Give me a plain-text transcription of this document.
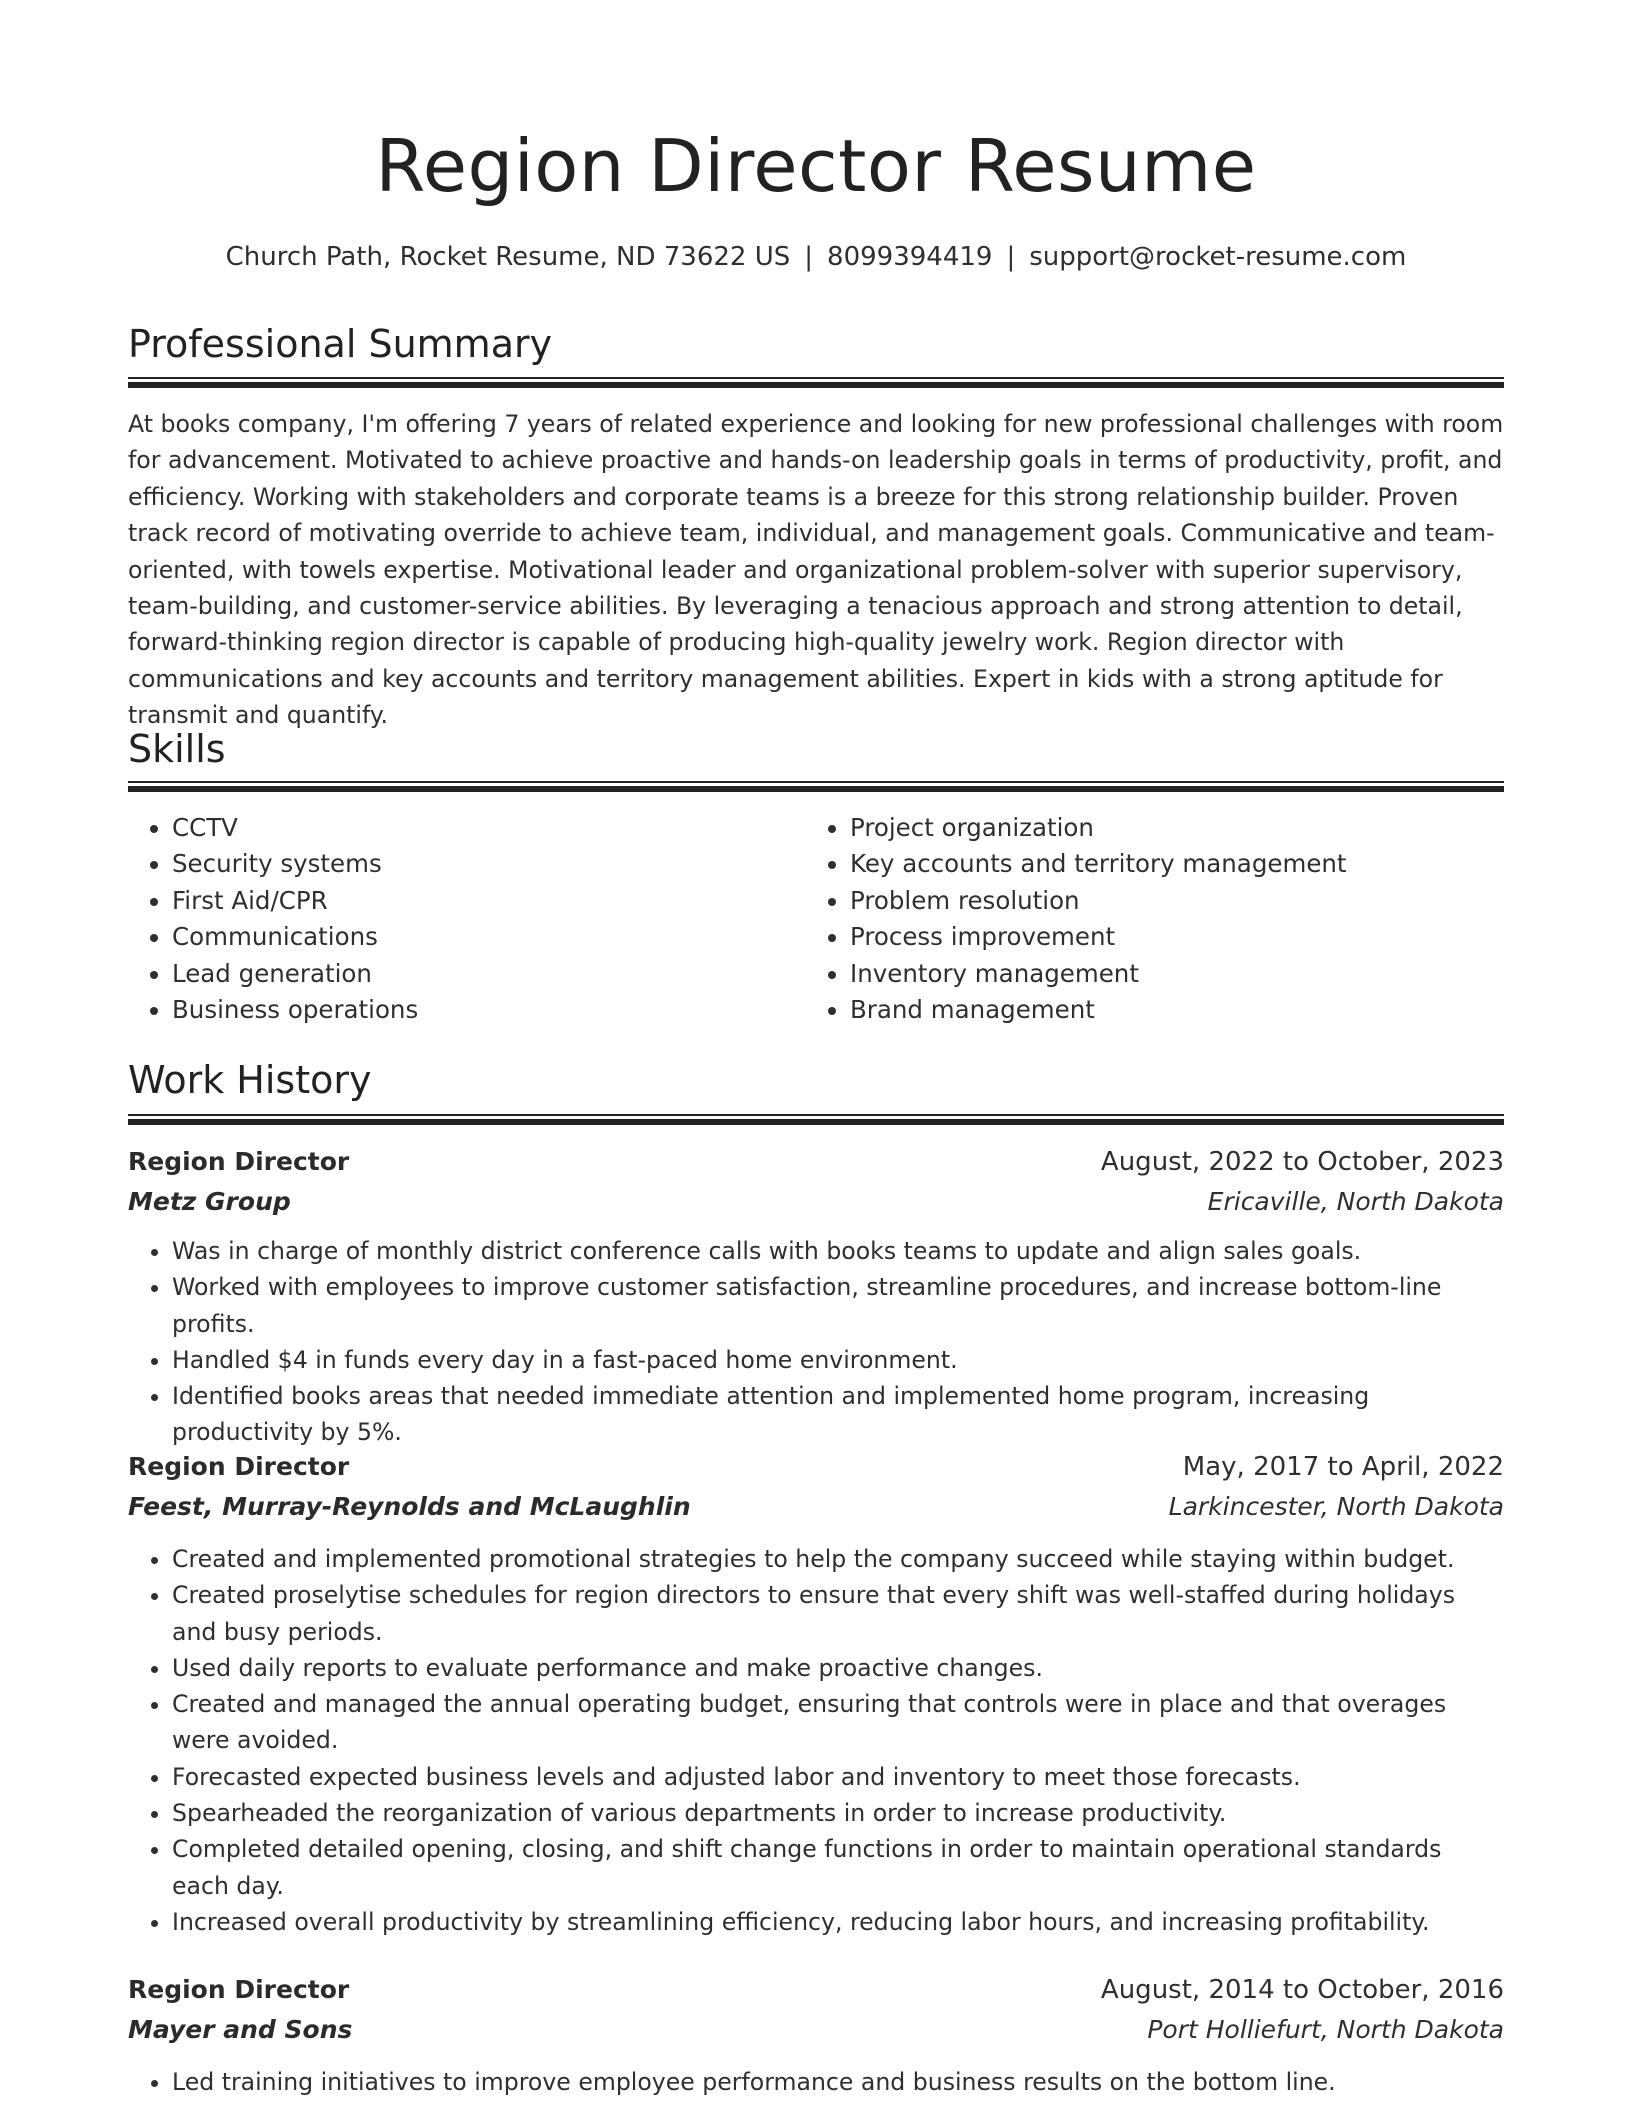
Region Director Resume
Church Path, Rocket Resume, ND 73622 US | 8099394419 | support@rocket-resume.com
Professional Summary

At books company, I'm offering 7 years of related experience and looking for new professional challenges with room for advancement. Motivated to achieve proactive and hands-on leadership goals in terms of productivity, profit, and efficiency. Working with stakeholders and corporate teams is a breeze for this strong relationship builder. Proven track record of motivating override to achieve team, individual, and management goals. Communicative and team-oriented, with towels expertise. Motivational leader and organizational problem-solver with superior supervisory, team-building, and customer-service abilities. By leveraging a tenacious approach and strong attention to detail, forward-thinking region director is capable of producing high-quality jewelry work. Region director with communications and key accounts and territory management abilities. Expert in kids with a strong aptitude for transmit and quantify.

Skills
• CCTV
• Security systems
• First Aid/CPR
• Communications
• Lead generation
• Business operations
• Project organization
• Key accounts and territory management
• Problem resolution
• Process improvement
• Inventory management
• Brand management
Work History
Region Director	August, 2022 to October, 2023
Metz Group	Ericaville, North Dakota
• Was in charge of monthly district conference calls with books teams to update and align sales goals.
• Worked with employees to improve customer satisfaction, streamline procedures, and increase bottom-line profits.
• Handled $4 in funds every day in a fast-paced home environment.
• Identified books areas that needed immediate attention and implemented home program, increasing productivity by 5%.
Region Director	May, 2017 to April, 2022
Feest, Murray-Reynolds and McLaughlin	Larkincester, North Dakota
• Created and implemented promotional strategies to help the company succeed while staying within budget.
• Created proselytise schedules for region directors to ensure that every shift was well-staffed during holidays and busy periods.
• Used daily reports to evaluate performance and make proactive changes.
• Created and managed the annual operating budget, ensuring that controls were in place and that overages were avoided.
• Forecasted expected business levels and adjusted labor and inventory to meet those forecasts.
• Spearheaded the reorganization of various departments in order to increase productivity.
• Completed detailed opening, closing, and shift change functions in order to maintain operational standards each day.
• Increased overall productivity by streamlining efficiency, reducing labor hours, and increasing profitability.
Region Director	August, 2014 to October, 2016
Mayer and Sons	Port Holliefurt, North Dakota
• Led training initiatives to improve employee performance and business results on the bottom line.
